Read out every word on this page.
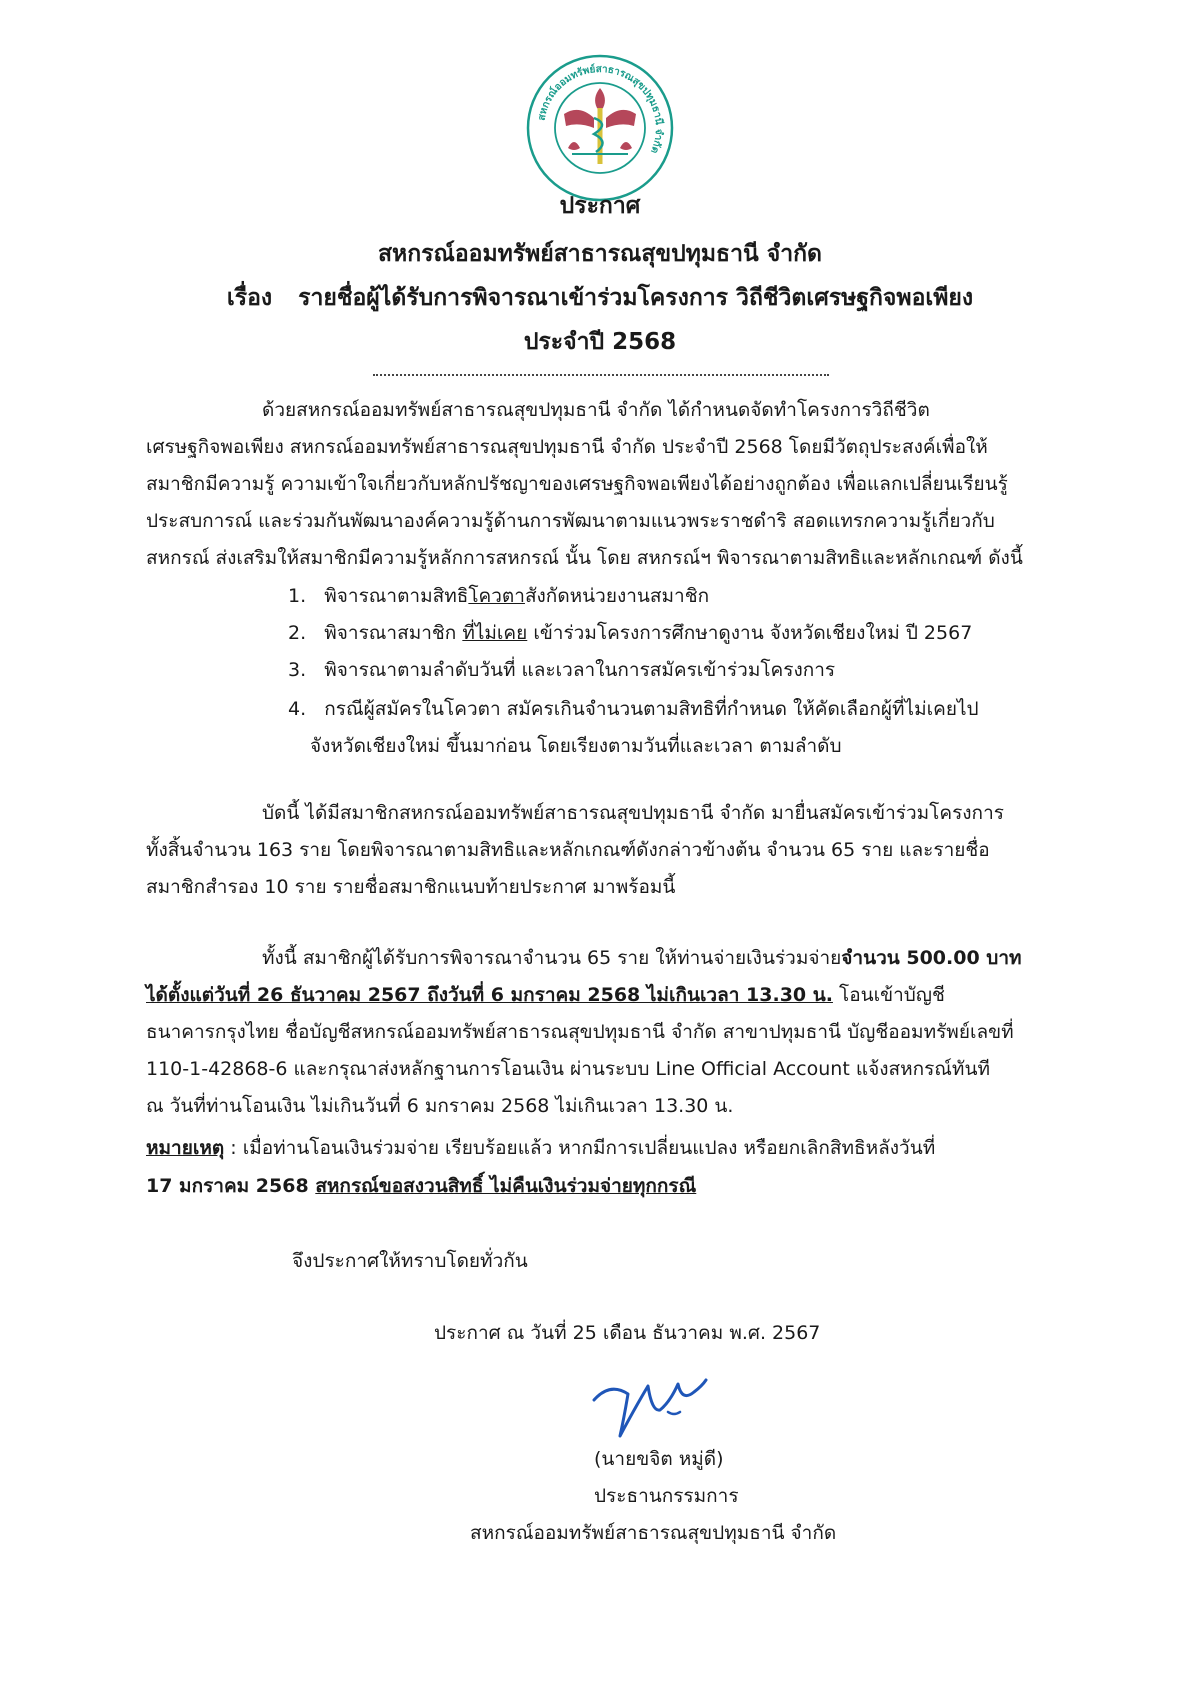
สหกรณ์ออมทรัพย์สาธารณสุขปทุมธานี จำกัด
ประกาศ
สหกรณ์ออมทรัพย์สาธารณสุขปทุมธานี จำกัด
เรื่อง รายชื่อผู้ได้รับการพิจารณาเข้าร่วมโครงการ วิถีชีวิตเศรษฐกิจพอเพียง
ประจำปี 2568
ด้วยสหกรณ์ออมทรัพย์สาธารณสุขปทุมธานี จำกัด ได้กำหนดจัดทำโครงการวิถีชีวิต
เศรษฐกิจพอเพียง สหกรณ์ออมทรัพย์สาธารณสุขปทุมธานี จำกัด ประจำปี 2568 โดยมีวัตถุประสงค์เพื่อให้
สมาชิกมีความรู้ ความเข้าใจเกี่ยวกับหลักปรัชญาของเศรษฐกิจพอเพียงได้อย่างถูกต้อง เพื่อแลกเปลี่ยนเรียนรู้
ประสบการณ์ และร่วมกันพัฒนาองค์ความรู้ด้านการพัฒนาตามแนวพระราชดำริ สอดแทรกความรู้เกี่ยวกับ
สหกรณ์ ส่งเสริมให้สมาชิกมีความรู้หลักการสหกรณ์ นั้น โดย สหกรณ์ฯ พิจารณาตามสิทธิและหลักเกณฑ์ ดังนี้
1. พิจารณาตามสิทธิโควตาสังกัดหน่วยงานสมาชิก
2. พิจารณาสมาชิก ที่ไม่เคย เข้าร่วมโครงการศึกษาดูงาน จังหวัดเชียงใหม่ ปี 2567
3. พิจารณาตามลำดับวันที่ และเวลาในการสมัครเข้าร่วมโครงการ
4. กรณีผู้สมัครในโควตา สมัครเกินจำนวนตามสิทธิที่กำหนด ให้คัดเลือกผู้ที่ไม่เคยไป
จังหวัดเชียงใหม่ ขึ้นมาก่อน โดยเรียงตามวันที่และเวลา ตามลำดับ
บัดนี้ ได้มีสมาชิกสหกรณ์ออมทรัพย์สาธารณสุขปทุมธานี จำกัด มายื่นสมัครเข้าร่วมโครงการ
ทั้งสิ้นจำนวน 163 ราย โดยพิจารณาตามสิทธิและหลักเกณฑ์ดังกล่าวข้างต้น จำนวน 65 ราย และรายชื่อ
สมาชิกสำรอง 10 ราย รายชื่อสมาชิกแนบท้ายประกาศ มาพร้อมนี้
ทั้งนี้ สมาชิกผู้ได้รับการพิจารณาจำนวน 65 ราย ให้ท่านจ่ายเงินร่วมจ่ายจำนวน 500.00 บาท
ได้ตั้งแต่วันที่ 26 ธันวาคม 2567 ถึงวันที่ 6 มกราคม 2568 ไม่เกินเวลา 13.30 น. โอนเข้าบัญชี
ธนาคารกรุงไทย ชื่อบัญชีสหกรณ์ออมทรัพย์สาธารณสุขปทุมธานี จำกัด สาขาปทุมธานี บัญชีออมทรัพย์เลขที่
110-1-42868-6 และกรุณาส่งหลักฐานการโอนเงิน ผ่านระบบ Line Official Account แจ้งสหกรณ์ทันที
ณ วันที่ท่านโอนเงิน ไม่เกินวันที่ 6 มกราคม 2568 ไม่เกินเวลา 13.30 น.
หมายเหตุ : เมื่อท่านโอนเงินร่วมจ่าย เรียบร้อยแล้ว หากมีการเปลี่ยนแปลง หรือยกเลิกสิทธิหลังวันที่
17 มกราคม 2568 สหกรณ์ขอสงวนสิทธิ์ ไม่คืนเงินร่วมจ่ายทุกกรณี
จึงประกาศให้ทราบโดยทั่วกัน
ประกาศ ณ วันที่ 25 เดือน ธันวาคม พ.ศ. 2567
(นายขจิต หมู่ดี)
ประธานกรรมการ
สหกรณ์ออมทรัพย์สาธารณสุขปทุมธานี จำกัด
